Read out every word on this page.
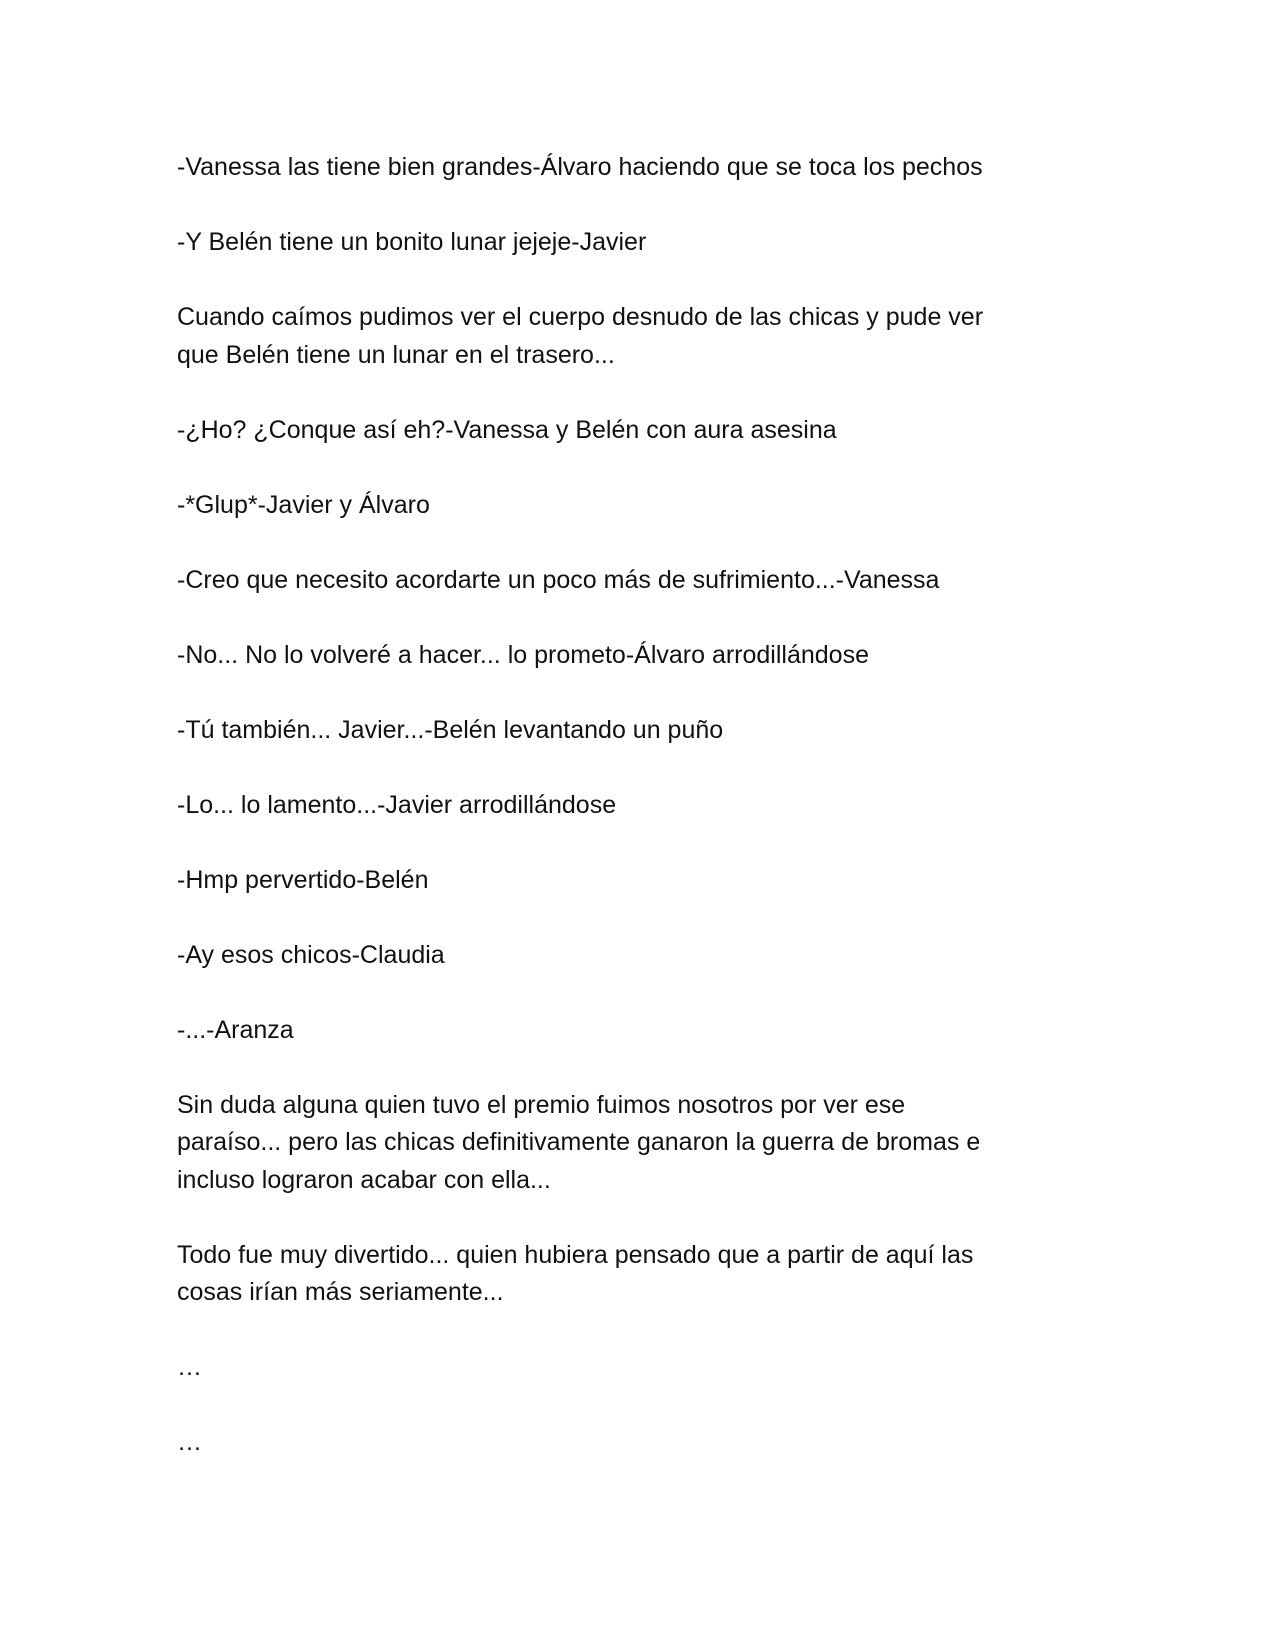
-Vanessa las tiene bien grandes-Álvaro haciendo que se toca los pechos

-Y Belén tiene un bonito lunar jejeje-Javier

Cuando caímos pudimos ver el cuerpo desnudo de las chicas y pude ver
que Belén tiene un lunar en el trasero...

-¿Ho? ¿Conque así eh?-Vanessa y Belén con aura asesina

-*Glup*-Javier y Álvaro

-Creo que necesito acordarte un poco más de sufrimiento...-Vanessa

-No... No lo volveré a hacer... lo prometo-Álvaro arrodillándose

-Tú también... Javier...-Belén levantando un puño

-Lo... lo lamento...-Javier arrodillándose

-Hmp pervertido-Belén

-Ay esos chicos-Claudia

-...-Aranza

Sin duda alguna quien tuvo el premio fuimos nosotros por ver ese
paraíso... pero las chicas definitivamente ganaron la guerra de bromas e
incluso lograron acabar con ella...

Todo fue muy divertido... quien hubiera pensado que a partir de aquí las
cosas irían más seriamente...

…

…
